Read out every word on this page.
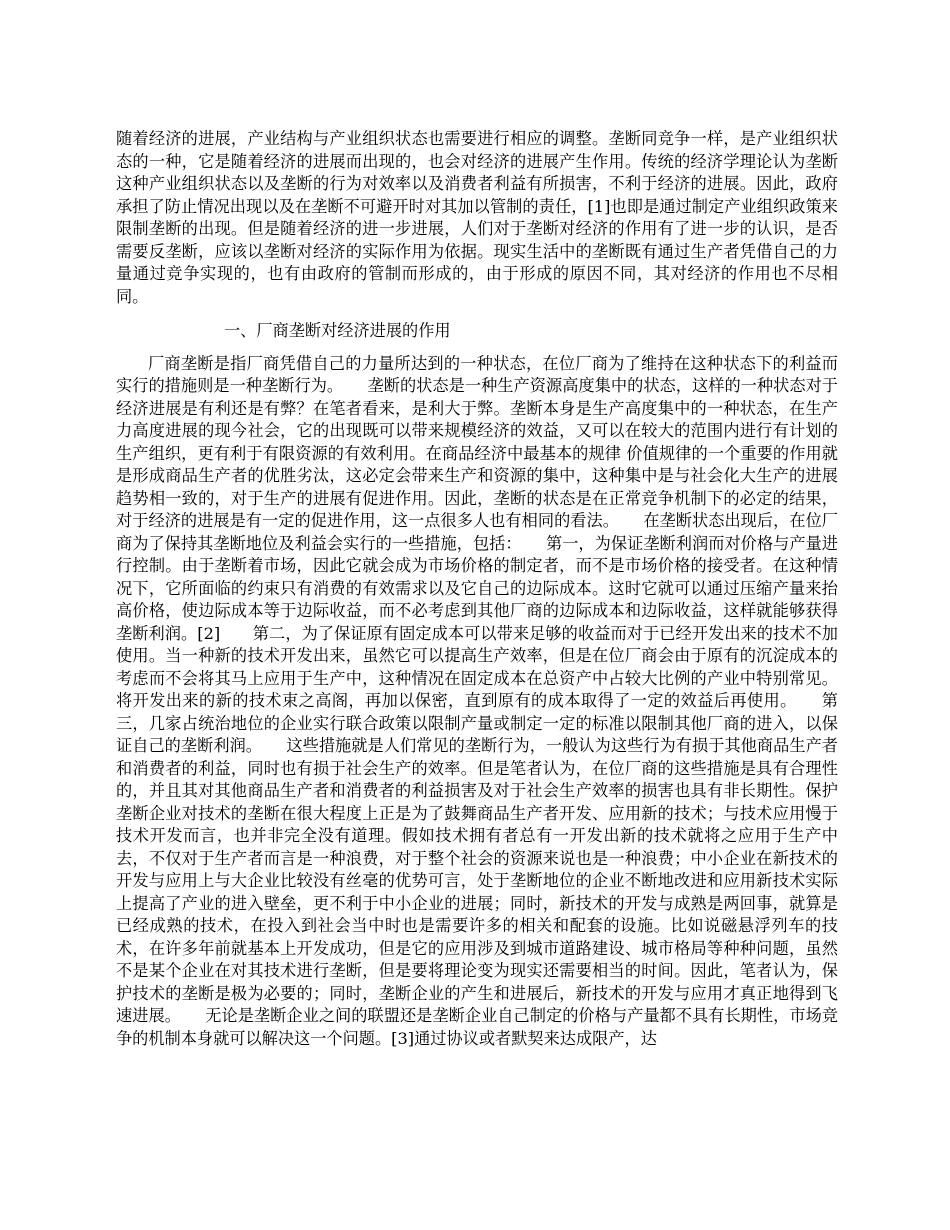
随着经济的进展，产业结构与产业组织状态也需要进行相应的调整。垄断同竞争一样，是产业组织状态的一种，它是随着经济的进展而出现的，也会对经济的进展产生作用。传统的经济学理论认为垄断这种产业组织状态以及垄断的行为对效率以及消费者利益有所损害，不利于经济的进展。因此，政府承担了防止情况出现以及在垄断不可避开时对其加以管制的责任，[1]也即是通过制定产业组织政策来限制垄断的出现。但是随着经济的进一步进展，人们对于垄断对经济的作用有了进一步的认识，是否需要反垄断，应该以垄断对经济的实际作用为依据。现实生活中的垄断既有通过生产者凭借自己的力量通过竞争实现的，也有由政府的管制而形成的，由于形成的原因不同，其对经济的作用也不尽相同。

一、厂商垄断对经济进展的作用

厂商垄断是指厂商凭借自己的力量所达到的一种状态，在位厂商为了维持在这种状态下的利益而实行的措施则是一种垄断行为。　　垄断的状态是一种生产资源高度集中的状态，这样的一种状态对于经济进展是有利还是有弊？在笔者看来，是利大于弊。垄断本身是生产高度集中的一种状态，在生产力高度进展的现今社会，它的出现既可以带来规模经济的效益，又可以在较大的范围内进行有计划的生产组织，更有利于有限资源的有效利用。在商品经济中最基本的规律 价值规律的一个重要的作用就是形成商品生产者的优胜劣汰，这必定会带来生产和资源的集中，这种集中是与社会化大生产的进展趋势相一致的，对于生产的进展有促进作用。因此，垄断的状态是在正常竞争机制下的必定的结果，对于经济的进展是有一定的促进作用，这一点很多人也有相同的看法。　　在垄断状态出现后，在位厂商为了保持其垄断地位及利益会实行的一些措施，包括：　　第一，为保证垄断利润而对价格与产量进行控制。由于垄断着市场，因此它就会成为市场价格的制定者，而不是市场价格的接受者。在这种情况下，它所面临的约束只有消费的有效需求以及它自己的边际成本。这时它就可以通过压缩产量来抬高价格，使边际成本等于边际收益，而不必考虑到其他厂商的边际成本和边际收益，这样就能够获得垄断利润。[2]　　第二，为了保证原有固定成本可以带来足够的收益而对于已经开发出来的技术不加使用。当一种新的技术开发出来，虽然它可以提高生产效率，但是在位厂商会由于原有的沉淀成本的考虑而不会将其马上应用于生产中，这种情况在固定成本在总资产中占较大比例的产业中特别常见。将开发出来的新的技术束之高阁，再加以保密，直到原有的成本取得了一定的效益后再使用。　　第三，几家占统治地位的企业实行联合政策以限制产量或制定一定的标准以限制其他厂商的进入，以保证自己的垄断利润。　　这些措施就是人们常见的垄断行为，一般认为这些行为有损于其他商品生产者和消费者的利益，同时也有损于社会生产的效率。但是笔者认为，在位厂商的这些措施是具有合理性的，并且其对其他商品生产者和消费者的利益损害及对于社会生产效率的损害也具有非长期性。保护垄断企业对技术的垄断在很大程度上正是为了鼓舞商品生产者开发、应用新的技术；与技术应用慢于技术开发而言，也并非完全没有道理。假如技术拥有者总有一开发出新的技术就将之应用于生产中去，不仅对于生产者而言是一种浪费，对于整个社会的资源来说也是一种浪费；中小企业在新技术的开发与应用上与大企业比较没有丝毫的优势可言，处于垄断地位的企业不断地改进和应用新技术实际上提高了产业的进入壁垒，更不利于中小企业的进展；同时，新技术的开发与成熟是两回事，就算是已经成熟的技术，在投入到社会当中时也是需要许多的相关和配套的设施。比如说磁悬浮列车的技术，在许多年前就基本上开发成功，但是它的应用涉及到城市道路建设、城市格局等种种问题，虽然不是某个企业在对其技术进行垄断，但是要将理论变为现实还需要相当的时间。因此，笔者认为，保护技术的垄断是极为必要的；同时，垄断企业的产生和进展后，新技术的开发与应用才真正地得到飞速进展。　　无论是垄断企业之间的联盟还是垄断企业自己制定的价格与产量都不具有长期性，市场竞争的机制本身就可以解决这一个问题。[3]通过协议或者默契来达成限产，达
